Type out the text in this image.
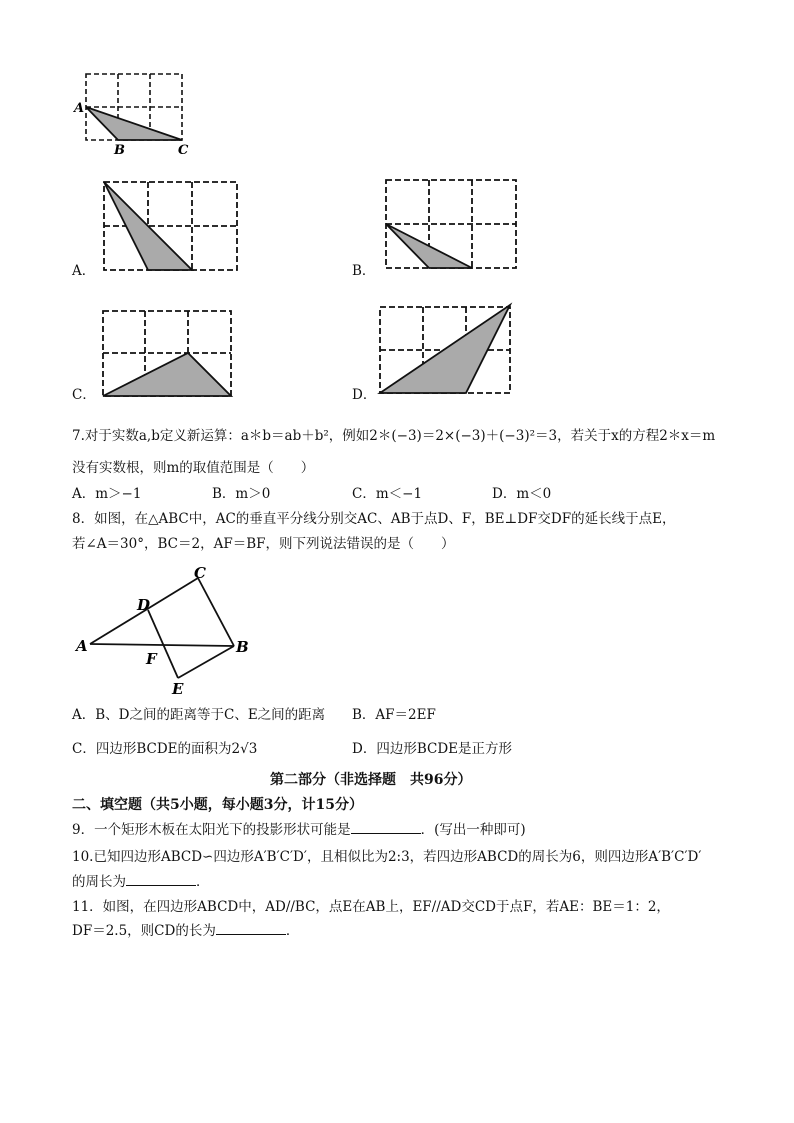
A
B	C
A．	B．
C．	D．
7.对于实数a,b定义新运算：a＊b＝ab＋b²，例如2＊(−3)＝2×(−3)＋(−3)²＝3，若关于x的方程2＊x＝m
没有实数根，则m的取值范围是（　　）
A．m＞−1	B．m＞0	C．m＜−1	D．m＜0
8．如图，在△ABC中，AC的垂直平分线分别交AC、AB于点D、F，BE⊥DF交DF的延长线于点E，
若∠A＝30°，BC＝2，AF＝BF，则下列说法错误的是（　　）
A	B
C
D
E
F
A．B、D之间的距离等于C、E之间的距离 B．AF＝2EF
C．四边形BCDE的面积为2√3	D．四边形BCDE是正方形
第二部分（非选择题　共96分）
二、填空题（共5小题，每小题3分，计15分）
9．一个矩形木板在太阳光下的投影形状可能是	．(写出一种即可)
10.已知四边形ABCD∽四边形A′B′C′D′，且相似比为2:3，若四边形ABCD的周长为6，则四边形A′B′C′D′
的周长为	．
11．如图，在四边形ABCD中，AD//BC，点E在AB上，EF//AD交CD于点F，若AE：BE＝1：2，
DF＝2.5，则CD的长为	．
